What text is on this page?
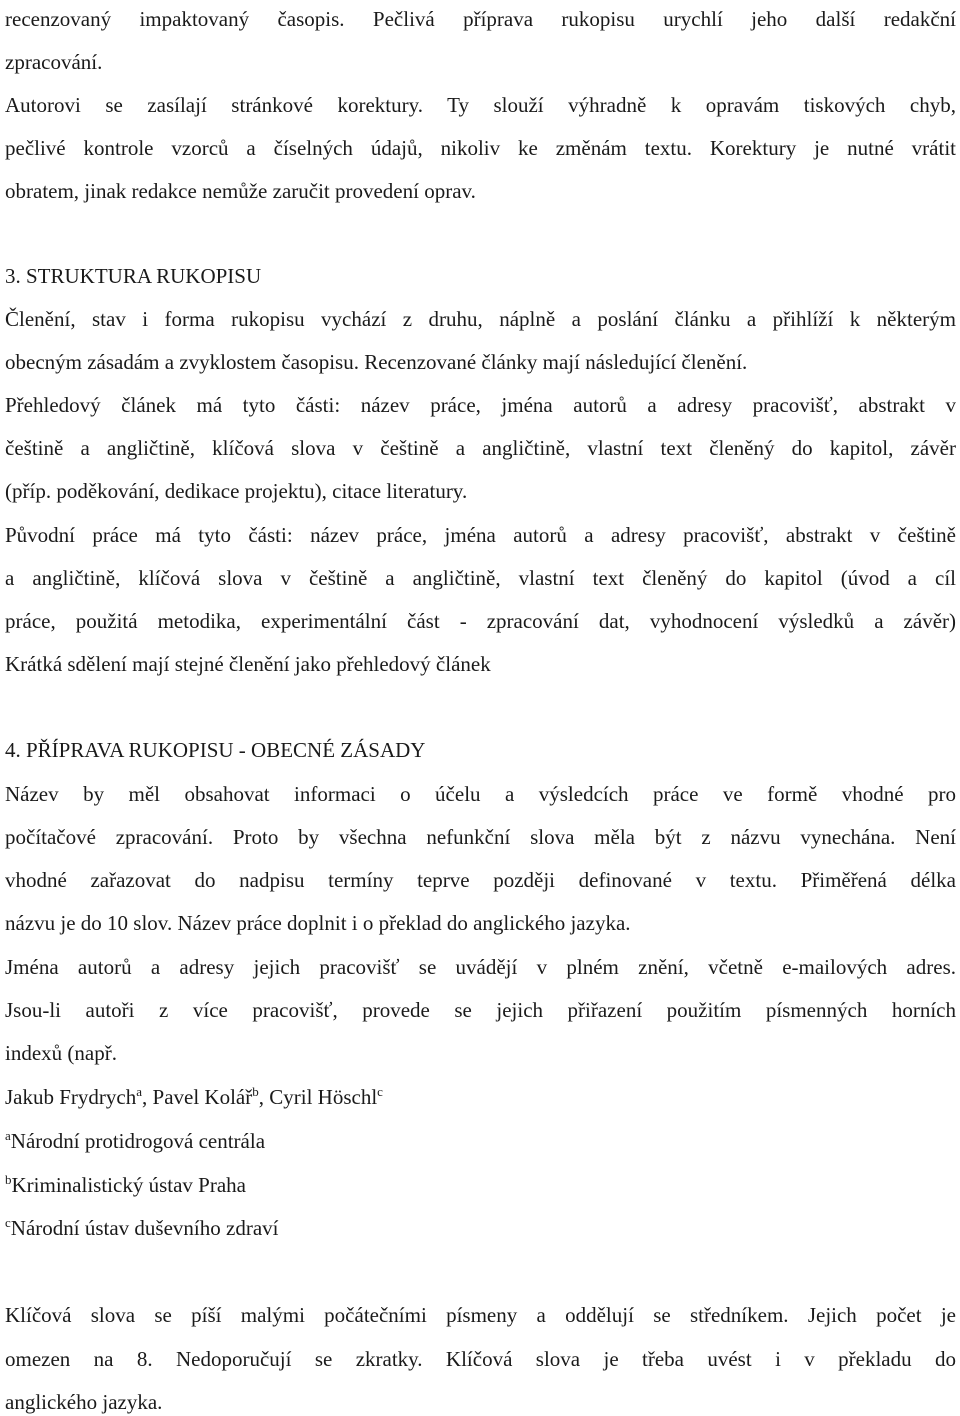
recenzovaný impaktovaný časopis. Pečlivá příprava rukopisu urychlí jeho další redakční
zpracování.
Autorovi se zasílají stránkové korektury. Ty slouží výhradně k opravám tiskových chyb,
pečlivé kontrole vzorců a číselných údajů, nikoliv ke změnám textu. Korektury je nutné vrátit
obratem, jinak redakce nemůže zaručit provedení oprav.
3. STRUKTURA RUKOPISU
Členění, stav i forma rukopisu vychází z druhu, náplně a poslání článku a přihlíží k některým
obecným zásadám a zvyklostem časopisu. Recenzované články mají následující členění.
Přehledový článek má tyto části: název práce, jména autorů a adresy pracovišť, abstrakt v
češtině a angličtině, klíčová slova v češtině a angličtině, vlastní text členěný do kapitol, závěr
(příp. poděkování, dedikace projektu), citace literatury.
Původní práce má tyto části: název práce, jména autorů a adresy pracovišť, abstrakt v češtině
a angličtině, klíčová slova v češtině a angličtině, vlastní text členěný do kapitol (úvod a cíl
práce, použitá metodika, experimentální část - zpracování dat, vyhodnocení výsledků a závěr)
Krátká sdělení mají stejné členění jako přehledový článek
4. PŘÍPRAVA RUKOPISU - OBECNÉ ZÁSADY
Název by měl obsahovat informaci o účelu a výsledcích práce ve formě vhodné pro
počítačové zpracování. Proto by všechna nefunkční slova měla být z názvu vynechána. Není
vhodné zařazovat do nadpisu termíny teprve později definované v textu. Přiměřená délka
názvu je do 10 slov. Název práce doplnit i o překlad do anglického jazyka.
Jména autorů a adresy jejich pracovišť se uvádějí v plném znění, včetně e-mailových adres.
Jsou-li autoři z více pracovišť, provede se jejich přiřazení použitím písmenných horních
indexů (např.
Jakub Frydrych$^a$, Pavel Kolář$^b$, Cyril Höschl$^c$
$^a$Národní protidrogová centrála
$^b$Kriminalistický ústav Praha
$^c$Národní ústav duševního zdraví
Klíčová slova se píší malými počátečními písmeny a oddělují se středníkem. Jejich počet je
omezen na 8. Nedoporučují se zkratky. Klíčová slova je třeba uvést i v překladu do
anglického jazyka.
